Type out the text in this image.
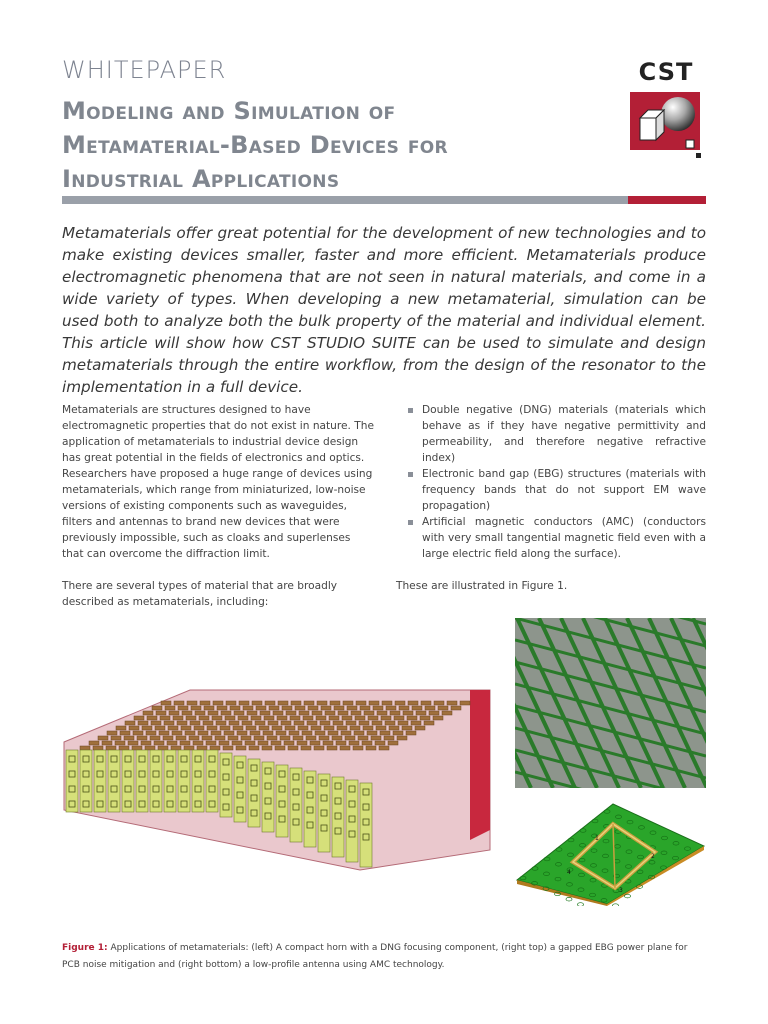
WHITEPAPER
Modeling and Simulation of
Metamaterial-Based Devices for
Industrial Applications
CST
Metamaterials offer great potential for the development of new technologies and to make existing devices smaller, faster and more efficient. Metamaterials produce electromagnetic phenomena that are not seen in natural materials, and come in a wide variety of types. When developing a new metamaterial, simulation can be used both to analyze both the bulk property of the material and individual element. This article will show how CST STUDIO SUITE can be used to simulate and design metamaterials through the entire workflow, from the design of the resonator to the implementation in a full device.

Metamaterials are structures designed to have electromagnetic properties that do not exist in nature. The application of metamaterials to industrial device design has great potential in the fields of electronics and optics. Researchers have proposed a huge range of devices using metamaterials, which range from miniaturized, low-noise versions of existing components such as waveguides, filters and antennas to brand new devices that were previously impossible, such as cloaks and superlenses that can overcome the diffraction limit.

There are several types of material that are broadly described as metamaterials, including:

Double negative (DNG) materials (materials which behave as if they have negative permittivity and permeability, and therefore negative refractive index)
Electronic band gap (EBG) structures (materials with frequency bands that do not support EM wave propagation)
Artificial magnetic conductors (AMC) (conductors with very small tangential magnetic field even with a large electric field along the surface).
These are illustrated in Figure 1.
1
2
3
4
Figure 1: Applications of metamaterials: (left) A compact horn with a DNG focusing component, (right top) a gapped EBG power plane for PCB noise mitigation and (right bottom) a low-profile antenna using AMC technology.
